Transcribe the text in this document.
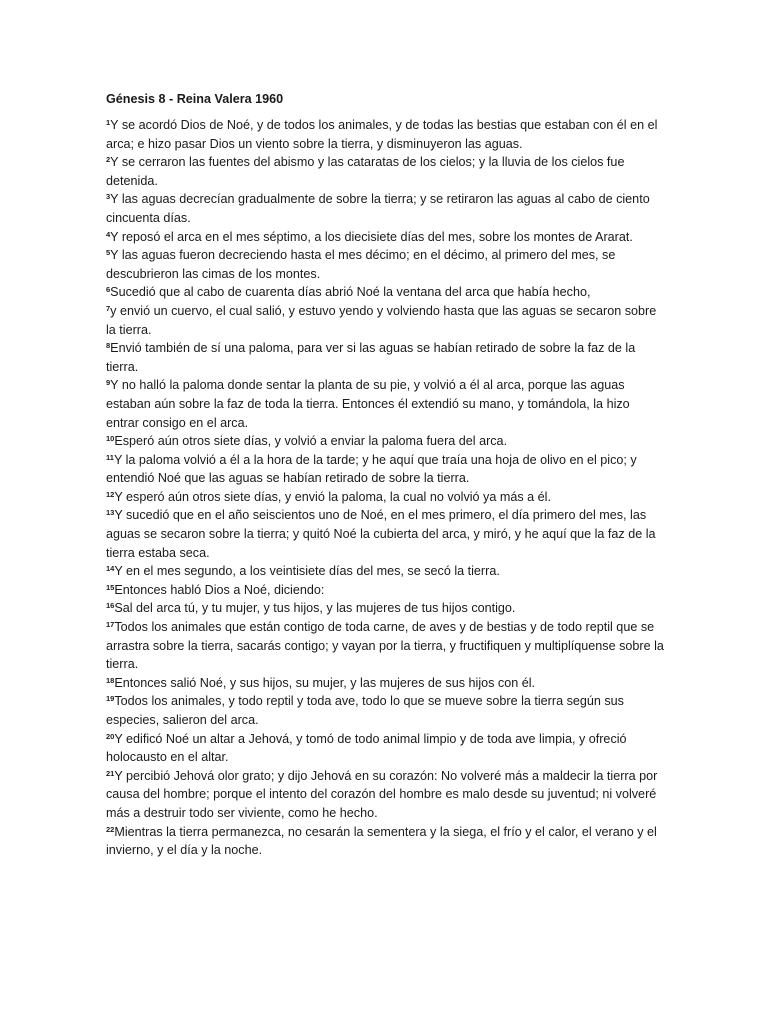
Génesis 8 - Reina Valera 1960

$^1$Y se acordó Dios de Noé, y de todos los animales, y de todas las bestias que estaban con él en el arca; e hizo pasar Dios un viento sobre la tierra, y disminuyeron las aguas.

$^2$Y se cerraron las fuentes del abismo y las cataratas de los cielos; y la lluvia de los cielos fue detenida.

$^3$Y las aguas decrecían gradualmente de sobre la tierra; y se retiraron las aguas al cabo de ciento cincuenta días.

$^4$Y reposó el arca en el mes séptimo, a los diecisiete días del mes, sobre los montes de Ararat.

$^5$Y las aguas fueron decreciendo hasta el mes décimo; en el décimo, al primero del mes, se descubrieron las cimas de los montes.

$^6$Sucedió que al cabo de cuarenta días abrió Noé la ventana del arca que había hecho,

$^7$y envió un cuervo, el cual salió, y estuvo yendo y volviendo hasta que las aguas se secaron sobre la tierra.

$^8$Envió también de sí una paloma, para ver si las aguas se habían retirado de sobre la faz de la tierra.

$^9$Y no halló la paloma donde sentar la planta de su pie, y volvió a él al arca, porque las aguas estaban aún sobre la faz de toda la tierra. Entonces él extendió su mano, y tomándola, la hizo entrar consigo en el arca.

$^{10}$Esperó aún otros siete días, y volvió a enviar la paloma fuera del arca.

$^{11}$Y la paloma volvió a él a la hora de la tarde; y he aquí que traía una hoja de olivo en el pico; y entendió Noé que las aguas se habían retirado de sobre la tierra.

$^{12}$Y esperó aún otros siete días, y envió la paloma, la cual no volvió ya más a él.

$^{13}$Y sucedió que en el año seiscientos uno de Noé, en el mes primero, el día primero del mes, las aguas se secaron sobre la tierra; y quitó Noé la cubierta del arca, y miró, y he aquí que la faz de la tierra estaba seca.

$^{14}$Y en el mes segundo, a los veintisiete días del mes, se secó la tierra.

$^{15}$Entonces habló Dios a Noé, diciendo:

$^{16}$Sal del arca tú, y tu mujer, y tus hijos, y las mujeres de tus hijos contigo.

$^{17}$Todos los animales que están contigo de toda carne, de aves y de bestias y de todo reptil que se arrastra sobre la tierra, sacarás contigo; y vayan por la tierra, y fructifiquen y multiplíquense sobre la tierra.

$^{18}$Entonces salió Noé, y sus hijos, su mujer, y las mujeres de sus hijos con él.

$^{19}$Todos los animales, y todo reptil y toda ave, todo lo que se mueve sobre la tierra según sus especies, salieron del arca.

$^{20}$Y edificó Noé un altar a Jehová, y tomó de todo animal limpio y de toda ave limpia, y ofreció holocausto en el altar.

$^{21}$Y percibió Jehová olor grato; y dijo Jehová en su corazón: No volveré más a maldecir la tierra por causa del hombre; porque el intento del corazón del hombre es malo desde su juventud; ni volveré más a destruir todo ser viviente, como he hecho.

$^{22}$Mientras la tierra permanezca, no cesarán la sementera y la siega, el frío y el calor, el verano y el invierno, y el día y la noche.
